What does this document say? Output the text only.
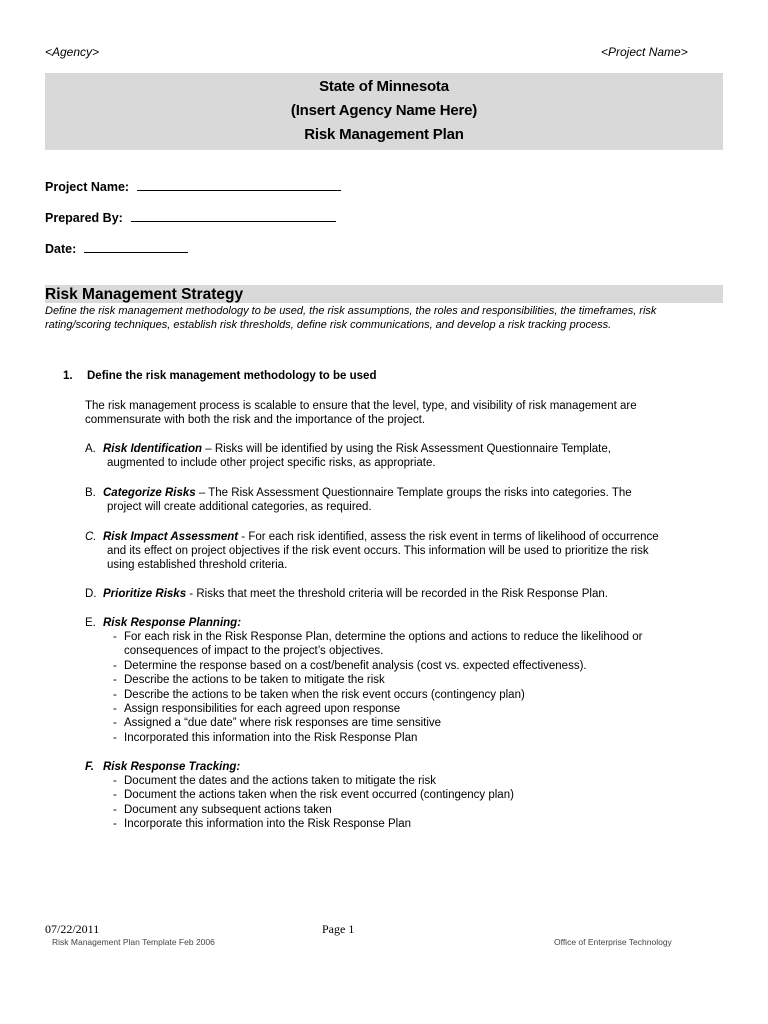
<Agency>	<Project Name>
State of Minnesota
(Insert Agency Name Here)
Risk Management Plan
Project Name:
Prepared By:
Date:
Risk Management Strategy
Define the risk management methodology to be used, the risk assumptions, the roles and responsibilities, the timeframes, risk rating/scoring techniques, establish risk thresholds, define risk communications, and develop a risk tracking process.
1. Define the risk management methodology to be used
The risk management process is scalable to ensure that the level, type, and visibility of risk management are commensurate with both the risk and the importance of the project.
A. Risk Identification – Risks will be identified by using the Risk Assessment Questionnaire Template,
augmented to include other project specific risks, as appropriate.
B. Categorize Risks – The Risk Assessment Questionnaire Template groups the risks into categories. The
project will create additional categories, as required.
C. Risk Impact Assessment - For each risk identified, assess the risk event in terms of likelihood of occurrence
and its effect on project objectives if the risk event occurs. This information will be used to prioritize the risk
using established threshold criteria.
D. Prioritize Risks - Risks that meet the threshold criteria will be recorded in the Risk Response Plan.
E. Risk Response Planning:
- For each risk in the Risk Response Plan, determine the options and actions to reduce the likelihood or
consequences of impact to the project’s objectives.
- Determine the response based on a cost/benefit analysis (cost vs. expected effectiveness).
- Describe the actions to be taken to mitigate the risk
- Describe the actions to be taken when the risk event occurs (contingency plan)
- Assign responsibilities for each agreed upon response
- Assigned a “due date” where risk responses are time sensitive
- Incorporated this information into the Risk Response Plan
F. Risk Response Tracking:
- Document the dates and the actions taken to mitigate the risk
- Document the actions taken when the risk event occurred (contingency plan)
- Document any subsequent actions taken
- Incorporate this information into the Risk Response Plan
07/22/2011	Page 1
Risk Management Plan Template Feb 2006	Office of Enterprise Technology
